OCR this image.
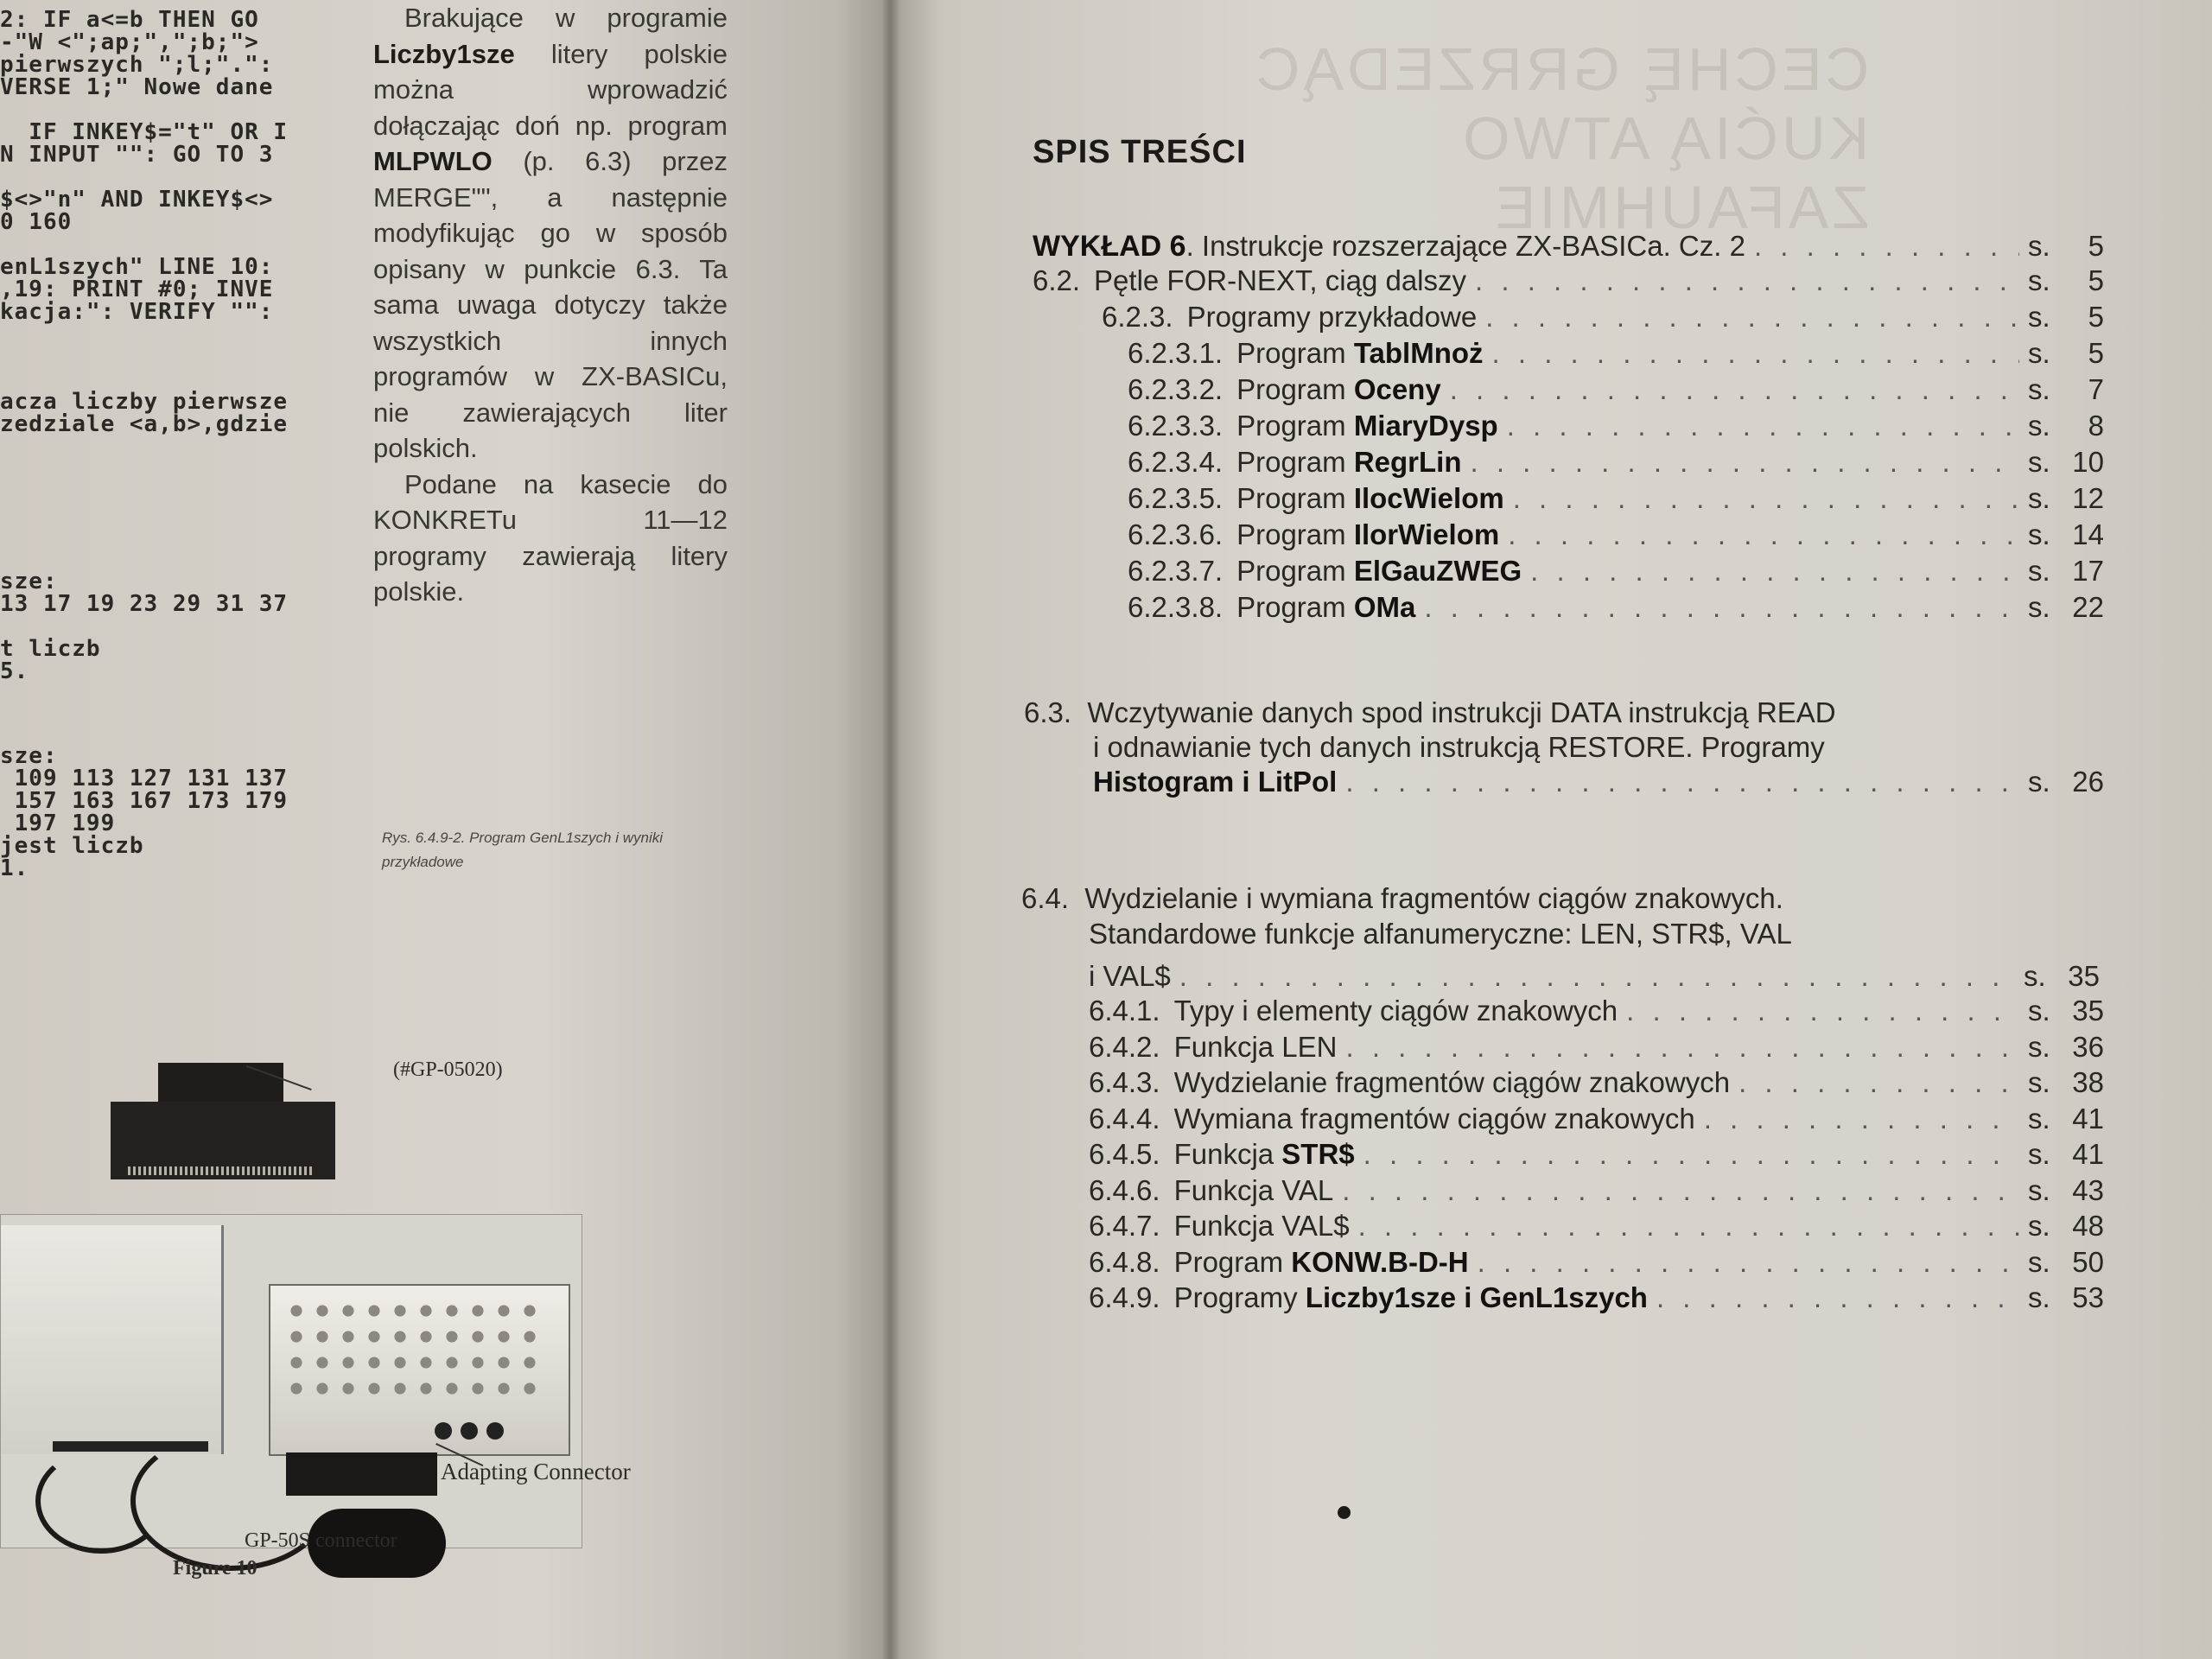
2: IF a<=b THEN GO
-"W <";ap;",";b;">
pierwszych ";l;".":
VERSE 1;" Nowe dane
IF INKEY$="t" OR I
N INPUT "": GO TO 3
$<>"n" AND INKEY$<>
0 160
enL1szych" LINE 10:
,19: PRINT #0; INVE
kacja:": VERIFY "":
acza liczby pierwsze
zedziale <a,b>,gdzie
sze:
13 17 19 23 29 31 37
t liczb
5.
sze:
109 113 127 131 137
157 163 167 173 179
197 199
jest liczb
1.

Brakujące w programie Liczby1sze litery polskie można wprowadzić dołączając doń np. program MLPWLO (p. 6.3) przez MERGE"", a następnie modyfikując go w sposób opisany w punkcie 6.3. Ta sama uwaga dotyczy także wszystkich innych programów w ZX-BASICu, nie zawierających liter polskich.

Podane na kasecie do KONKRETu 11—12 programy zawierają litery polskie.

Rys. 6.4.9-2. Program GenL1szych i wyniki
przykładowe
(#GP-05020)
Adapting Connector
GP-50S connector
Figure 10
CECHĘ GRRZEDĄC
KUĆIĄ ATWO
ZAFAUHMIE
SPIS TREŚCI
WYKŁAD 6. Instrukcje rozszerzające ZX-BASICa. Cz. 2 . . .	s.	5
6.2. Pętle FOR-NEXT, ciąg dalszy . . .	s.	5
6.2.3. Programy przykładowe . . .	s.	5
6.2.3.1. Program TablMnoż . . .	s.	5
6.2.3.2. Program Oceny . . .	s.	7
6.2.3.3. Program MiaryDysp . . .	s.	8
6.2.3.4. Program RegrLin . . .	s. 10
6.2.3.5. Program IlocWielom . . .	s. 12
6.2.3.6. Program IlorWielom . . .	s. 14
6.2.3.7. Program ElGauZWEG . . .	s. 17
6.2.3.8. Program OMa . . .	s. 22
6.3. Wczytywanie danych spod instrukcji DATA instrukcją READ
i odnawianie tych danych instrukcją RESTORE. Programy
Histogram i LitPol . . .	s. 26
6.4. Wydzielanie i wymiana fragmentów ciągów znakowych.
Standardowe funkcje alfanumeryczne: LEN, STR$, VAL
i VAL$ . . .	s. 35
6.4.1. Typy i elementy ciągów znakowych . . .	s. 35
6.4.2. Funkcja LEN . . .	s. 36
6.4.3. Wydzielanie fragmentów ciągów znakowych . . .	s. 38
6.4.4. Wymiana fragmentów ciągów znakowych . . .	s. 41
6.4.5. Funkcja STR$ . . .	s. 41
6.4.6. Funkcja VAL . . .	s. 43
6.4.7. Funkcja VAL$ . . .	s. 48
6.4.8. Program KONW.B-D-H . . .	s. 50
6.4.9. Programy Liczby1sze i GenL1szych . . .	s. 53
